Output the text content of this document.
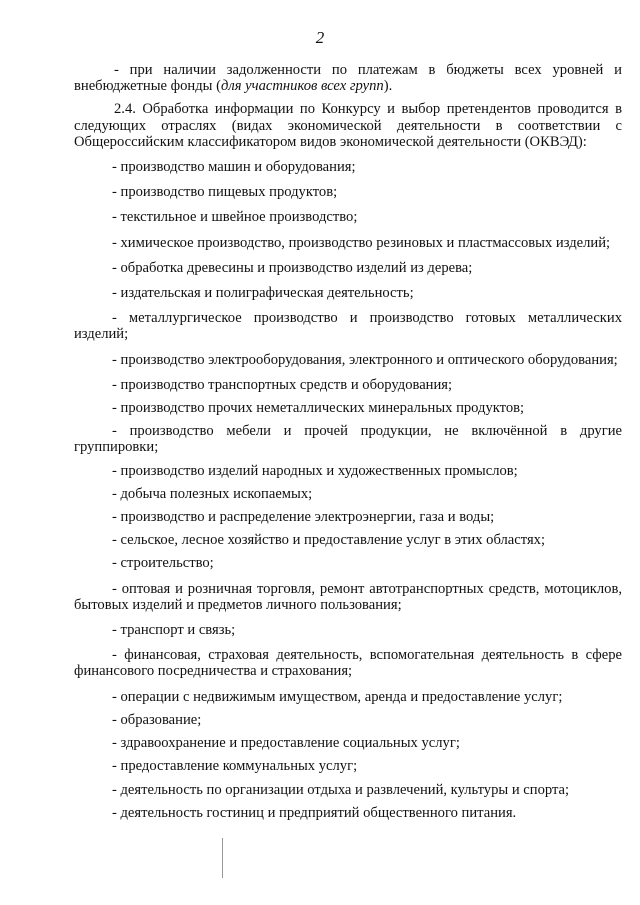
2

- при наличии задолженности по платежам в бюджеты всех уровней и внебюджетные фонды (для участников всех групп).

2.4. Обработка информации по Конкурсу и выбор претендентов проводится в следующих отраслях (видах экономической деятельности в соответствии с Общероссийским классификатором видов экономической деятельности (ОКВЭД):

- производство машин и оборудования;

- производство пищевых продуктов;

- текстильное и швейное производство;

- химическое производство, производство резиновых и пластмассовых изделий;

- обработка древесины и производство изделий из дерева;

- издательская и полиграфическая деятельность;

- металлургическое производство и производство готовых металлических изделий;

- производство электрооборудования, электронного и оптического оборудования;

- производство транспортных средств и оборудования;

- производство прочих неметаллических минеральных продуктов;

- производство мебели и прочей продукции, не включённой в другие группировки;

- производство изделий народных и художественных промыслов;

- добыча полезных ископаемых;

- производство и распределение электроэнергии, газа и воды;

- сельское, лесное хозяйство и предоставление услуг в этих областях;

- строительство;

- оптовая и розничная торговля, ремонт автотранспортных средств, мотоциклов, бытовых изделий и предметов личного пользования;

- транспорт и связь;

- финансовая, страховая деятельность, вспомогательная деятельность в сфере финансового посредничества и страхования;

- операции с недвижимым имуществом, аренда и предоставление услуг;

- образование;

- здравоохранение и предоставление социальных услуг;

- предоставление коммунальных услуг;

- деятельность по организации отдыха и развлечений, культуры и спорта;

- деятельность гостиниц и предприятий общественного питания.
